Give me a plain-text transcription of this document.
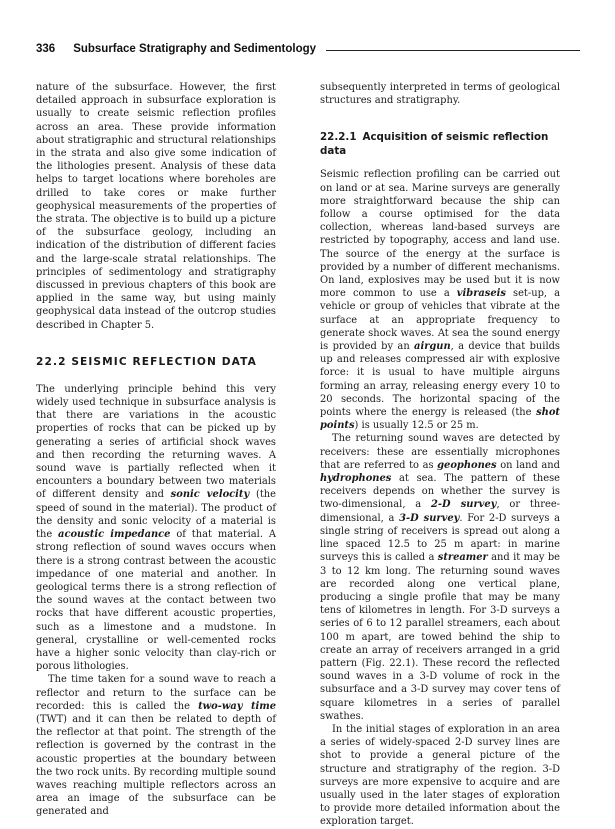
336 Subsurface Stratigraphy and Sedimentology

nature of the subsurface. However, the first detailed approach in subsurface exploration is usually to create seismic reflection profiles across an area. These provide information about stratigraphic and structural relationships in the strata and also give some indication of the lithologies present. Analysis of these data helps to target locations where boreholes are drilled to take cores or make further geophysical measurements of the properties of the strata. The objective is to build up a picture of the subsurface geology, including an indication of the distribution of different facies and the large-scale stratal relationships. The principles of sedimentology and stratigraphy discussed in previous chapters of this book are applied in the same way, but using mainly geophysical data instead of the outcrop studies described in Chapter 5.

22.2 SEISMIC REFLECTION DATA

The underlying principle behind this very widely used technique in subsurface analysis is that there are variations in the acoustic properties of rocks that can be picked up by generating a series of artificial shock waves and then recording the returning waves. A sound wave is partially reflected when it encounters a boundary between two materials of different density and sonic velocity (the speed of sound in the material). The product of the density and sonic velocity of a material is the acoustic impedance of that material. A strong reflection of sound waves occurs when there is a strong contrast between the acoustic impedance of one material and another. In geological terms there is a strong reflection of the sound waves at the contact between two rocks that have different acoustic properties, such as a limestone and a mudstone. In general, crystalline or well-cemented rocks have a higher sonic velocity than clay-rich or porous lithologies.

The time taken for a sound wave to reach a reflector and return to the surface can be recorded: this is called the two-way time (TWT) and it can then be related to depth of the reflector at that point. The strength of the reflection is governed by the contrast in the acoustic properties at the boundary between the two rock units. By recording multiple sound waves reaching multiple reflectors across an area an image of the subsurface can be generated and

subsequently interpreted in terms of geological structures and stratigraphy.

22.2.1 Acquisition of seismic reflection data

Seismic reflection profiling can be carried out on land or at sea. Marine surveys are generally more straightforward because the ship can follow a course optimised for the data collection, whereas land-based surveys are restricted by topography, access and land use. The source of the energy at the surface is provided by a number of different mechanisms. On land, explosives may be used but it is now more common to use a vibraseis set-up, a vehicle or group of vehicles that vibrate at the surface at an appropriate frequency to generate shock waves. At sea the sound energy is provided by an airgun, a device that builds up and releases compressed air with explosive force: it is usual to have multiple airguns forming an array, releasing energy every 10 to 20 seconds. The horizontal spacing of the points where the energy is released (the shot points) is usually 12.5 or 25 m.

The returning sound waves are detected by receivers: these are essentially microphones that are referred to as geophones on land and hydrophones at sea. The pattern of these receivers depends on whether the survey is two-dimensional, a 2-D survey, or three-dimensional, a 3-D survey. For 2-D surveys a single string of receivers is spread out along a line spaced 12.5 to 25 m apart: in marine surveys this is called a streamer and it may be 3 to 12 km long. The returning sound waves are recorded along one vertical plane, producing a single profile that may be many tens of kilometres in length. For 3-D surveys a series of 6 to 12 parallel streamers, each about 100 m apart, are towed behind the ship to create an array of receivers arranged in a grid pattern (Fig. 22.1). These record the reflected sound waves in a 3-D volume of rock in the subsurface and a 3-D survey may cover tens of square kilometres in a series of parallel swathes.

In the initial stages of exploration in an area a series of widely-spaced 2-D survey lines are shot to provide a general picture of the structure and stratigraphy of the region. 3-D surveys are more expensive to acquire and are usually used in the later stages of exploration to provide more detailed information about the exploration target.
